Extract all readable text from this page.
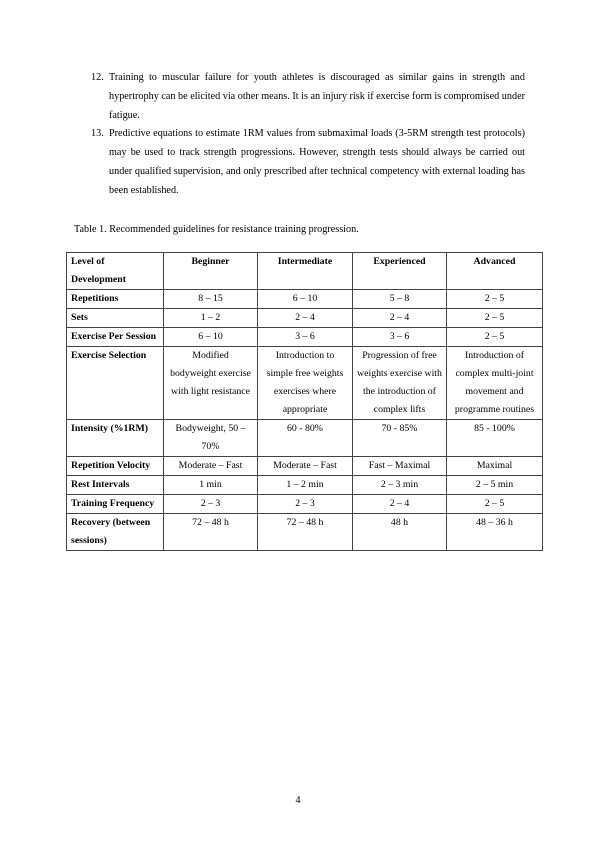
12. Training to muscular failure for youth athletes is discouraged as similar gains in strength and hypertrophy can be elicited via other means. It is an injury risk if exercise form is compromised under fatigue.
13. Predictive equations to estimate 1RM values from submaximal loads (3-5RM strength test protocols) may be used to track strength progressions. However, strength tests should always be carried out under qualified supervision, and only prescribed after technical competency with external loading has been established.
Table 1. Recommended guidelines for resistance training progression.
Level of Development	Beginner	Intermediate	Experienced	Advanced
Repetitions	8 – 15	6 – 10	5 – 8	2 – 5
Sets	1 – 2	2 – 4	2 – 4	2 – 5
Exercise Per Session	6 – 10	3 – 6	3 – 6	2 – 5
Exercise Selection	Modified bodyweight exercise with light resistance	Introduction to simple free weights exercises where appropriate	Progression of free weights exercise with the introduction of complex lifts	Introduction of complex multi-joint movement and programme routines
Intensity (%1RM)	Bodyweight, 50 – 70%	60 - 80%	70 - 85%	85 - 100%
Repetition Velocity	Moderate – Fast	Moderate – Fast	Fast – Maximal	Maximal
Rest Intervals	1 min	1 – 2 min	2 – 3 min	2 – 5 min
Training Frequency	2 – 3	2 – 3	2 – 4	2 – 5
Recovery (between sessions)	72 – 48 h	72 – 48 h	48 h	48 – 36 h
4
